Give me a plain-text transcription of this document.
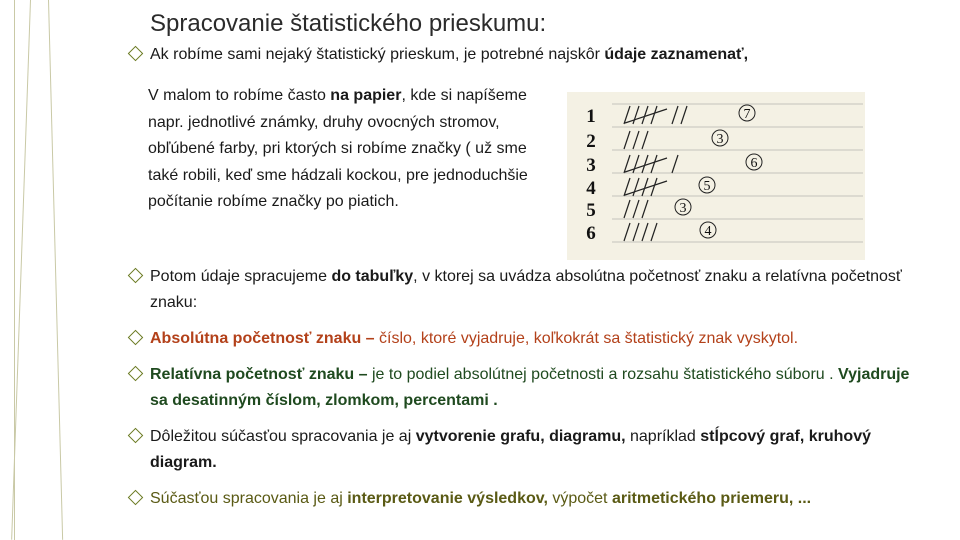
Spracovanie štatistického prieskumu:
Ak robíme sami nejaký štatistický prieskum, je potrebné najskôr údaje zaznamenať,
V malom to robíme často na papier, kde si napíšeme napr. jednotlivé známky, druhy ovocných stromov, obľúbené farby, pri ktorých si robíme značky ( už sme také robili, keď sme hádzali kockou, pre jednoduchšie počítanie robíme značky po piatich.
1	7
2	3
3	6
4	5
5	3
6	4
Potom údaje spracujeme do tabuľky, v ktorej sa uvádza absolútna početnosť znaku a relatívna početnosť znaku:
Absolútna početnosť znaku – číslo, ktoré vyjadruje, koľkokrát sa štatistický znak vyskytol.
Relatívna početnosť znaku – je to podiel absolútnej početnosti a rozsahu štatistického súboru . Vyjadruje sa desatinným číslom, zlomkom, percentami .
Dôležitou súčasťou spracovania je aj vytvorenie grafu, diagramu, napríklad stĺpcový graf, kruhový diagram.
Súčasťou spracovania je aj interpretovanie výsledkov, výpočet aritmetického priemeru, ...
